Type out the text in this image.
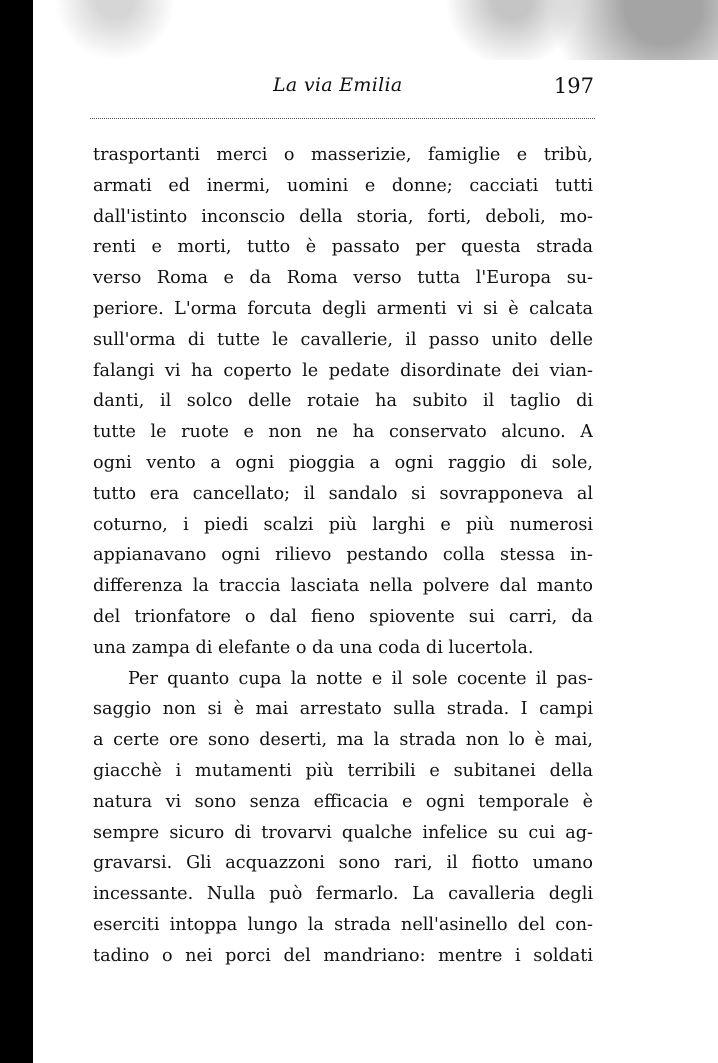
La via Emilia	197
trasportanti merci o masserizie, famiglie e tribù,
armati ed inermi, uomini e donne; cacciati tutti
dall'istinto inconscio della storia, forti, deboli, mo-
renti e morti, tutto è passato per questa strada
verso Roma e da Roma verso tutta l'Europa su-
periore. L'orma forcuta degli armenti vi si è calcata
sull'orma di tutte le cavallerie, il passo unito delle
falangi vi ha coperto le pedate disordinate dei vian-
danti, il solco delle rotaie ha subito il taglio di
tutte le ruote e non ne ha conservato alcuno. A
ogni vento a ogni pioggia a ogni raggio di sole,
tutto era cancellato; il sandalo si sovrapponeva al
coturno, i piedi scalzi più larghi e più numerosi
appianavano ogni rilievo pestando colla stessa in-
differenza la traccia lasciata nella polvere dal manto
del trionfatore o dal fieno spiovente sui carri, da
una zampa di elefante o da una coda di lucertola.
Per quanto cupa la notte e il sole cocente il pas-
saggio non si è mai arrestato sulla strada. I campi
a certe ore sono deserti, ma la strada non lo è mai,
giacchè i mutamenti più terribili e subitanei della
natura vi sono senza efficacia e ogni temporale è
sempre sicuro di trovarvi qualche infelice su cui ag-
gravarsi. Gli acquazzoni sono rari, il fiotto umano
incessante. Nulla può fermarlo. La cavalleria degli
eserciti intoppa lungo la strada nell'asinello del con-
tadino o nei porci del mandriano: mentre i soldati
